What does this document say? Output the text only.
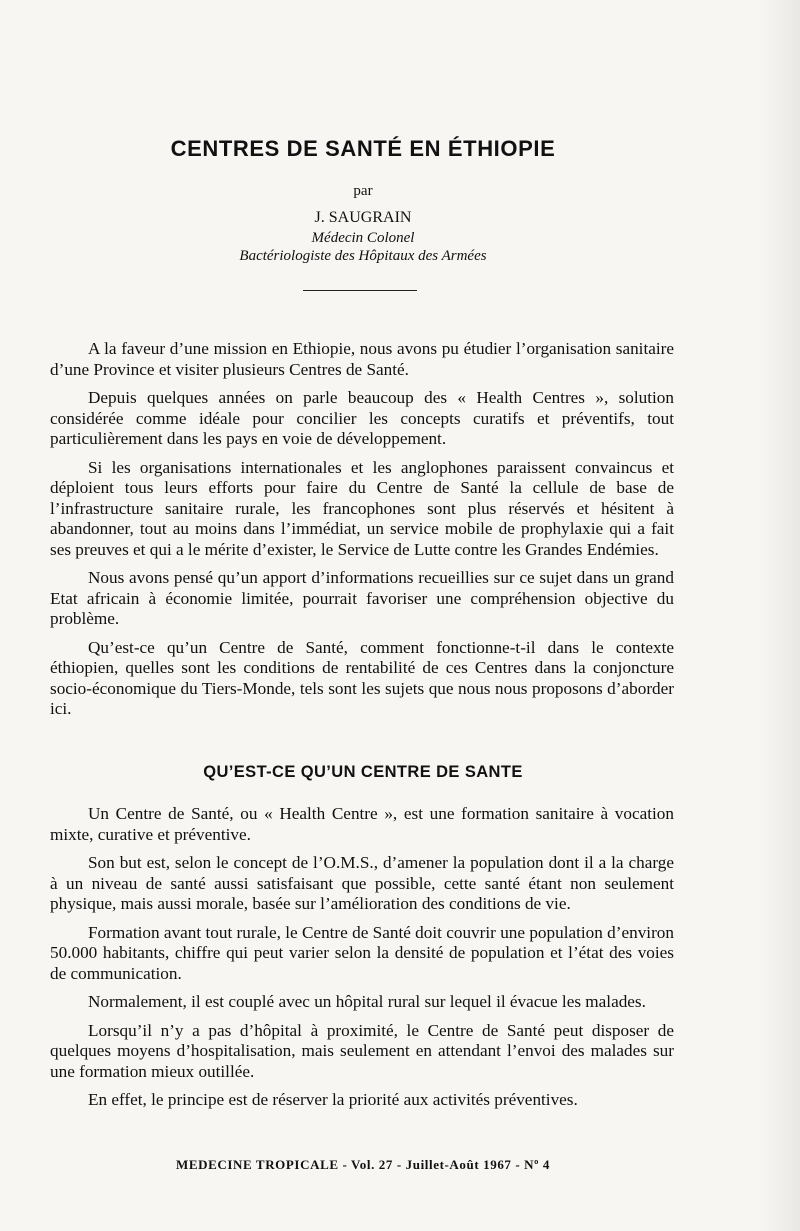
CENTRES DE SANTÉ EN ÉTHIOPIE
par
J. SAUGRAIN
Médecin Colonel
Bactériologiste des Hôpitaux des Armées

A la faveur d’une mission en Ethiopie, nous avons pu étudier l’organisation sanitaire d’une Province et visiter plusieurs Centres de Santé.

Depuis quelques années on parle beaucoup des « Health Centres », solution considérée comme idéale pour concilier les concepts curatifs et préventifs, tout particulièrement dans les pays en voie de développement.

Si les organisations internationales et les anglophones paraissent convaincus et déploient tous leurs efforts pour faire du Centre de Santé la cellule de base de l’infrastructure sanitaire rurale, les francophones sont plus réservés et hésitent à abandonner, tout au moins dans l’immédiat, un service mobile de prophylaxie qui a fait ses preuves et qui a le mérite d’exister, le Service de Lutte contre les Grandes Endémies.

Nous avons pensé qu’un apport d’informations recueillies sur ce sujet dans un grand Etat africain à économie limitée, pourrait favoriser une compréhension objective du problème.

Qu’est-ce qu’un Centre de Santé, comment fonctionne-t-il dans le contexte éthiopien, quelles sont les conditions de rentabilité de ces Centres dans la conjoncture socio-économique du Tiers-Monde, tels sont les sujets que nous nous proposons d’aborder ici.

QU’EST-CE QU’UN CENTRE DE SANTE

Un Centre de Santé, ou « Health Centre », est une formation sanitaire à vocation mixte, curative et préventive.

Son but est, selon le concept de l’O.M.S., d’amener la population dont il a la charge à un niveau de santé aussi satisfaisant que possible, cette santé étant non seulement physique, mais aussi morale, basée sur l’amélioration des conditions de vie.

Formation avant tout rurale, le Centre de Santé doit couvrir une population d’environ 50.000 habitants, chiffre qui peut varier selon la densité de population et l’état des voies de communication.

Normalement, il est couplé avec un hôpital rural sur lequel il évacue les malades.

Lorsqu’il n’y a pas d’hôpital à proximité, le Centre de Santé peut disposer de quelques moyens d’hospitalisation, mais seulement en attendant l’envoi des malades sur une formation mieux outillée.

En effet, le principe est de réserver la priorité aux activités préventives.

MEDECINE TROPICALE - Vol. 27 - Juillet-Août 1967 - Nº 4
